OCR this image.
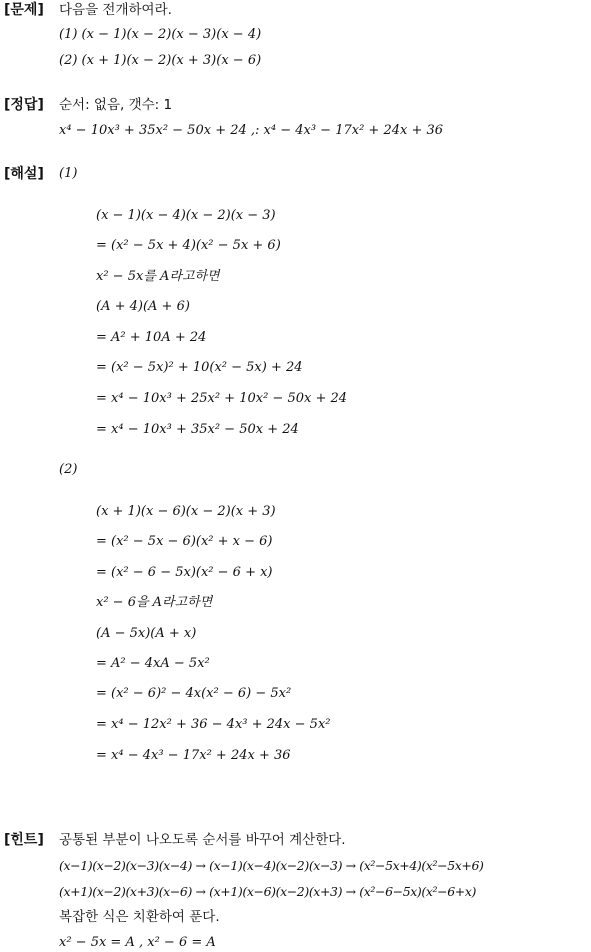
[문제] 다음을 전개하여라.
(1) (x − 1)(x − 2)(x − 3)(x − 4)
(2) (x + 1)(x − 2)(x + 3)(x − 6)
[정답] 순서: 없음, 갯수: 1
x⁴ − 10x³ + 35x² − 50x + 24 ,: x⁴ − 4x³ − 17x² + 24x + 36
[해설] (1)
(x − 1)(x − 4)(x − 2)(x − 3)
= (x² − 5x + 4)(x² − 5x + 6)
x² − 5x를 A라고하면
(A + 4)(A + 6)
= A² + 10A + 24
= (x² − 5x)² + 10(x² − 5x) + 24
= x⁴ − 10x³ + 25x² + 10x² − 50x + 24
= x⁴ − 10x³ + 35x² − 50x + 24
(2)
(x + 1)(x − 6)(x − 2)(x + 3)
= (x² − 5x − 6)(x² + x − 6)
= (x² − 6 − 5x)(x² − 6 + x)
x² − 6을 A라고하면
(A − 5x)(A + x)
= A² − 4xA − 5x²
= (x² − 6)² − 4x(x² − 6) − 5x²
= x⁴ − 12x² + 36 − 4x³ + 24x − 5x²
= x⁴ − 4x³ − 17x² + 24x + 36
[힌트] 공통된 부분이 나오도록 순서를 바꾸어 계산한다.
(x−1)(x−2)(x−3)(x−4) → (x−1)(x−4)(x−2)(x−3) → (x²−5x+4)(x²−5x+6)
(x+1)(x−2)(x+3)(x−6) → (x+1)(x−6)(x−2)(x+3) → (x²−6−5x)(x²−6+x)
복잡한 식은 치환하여 푼다.
x² − 5x = A , x² − 6 = A
